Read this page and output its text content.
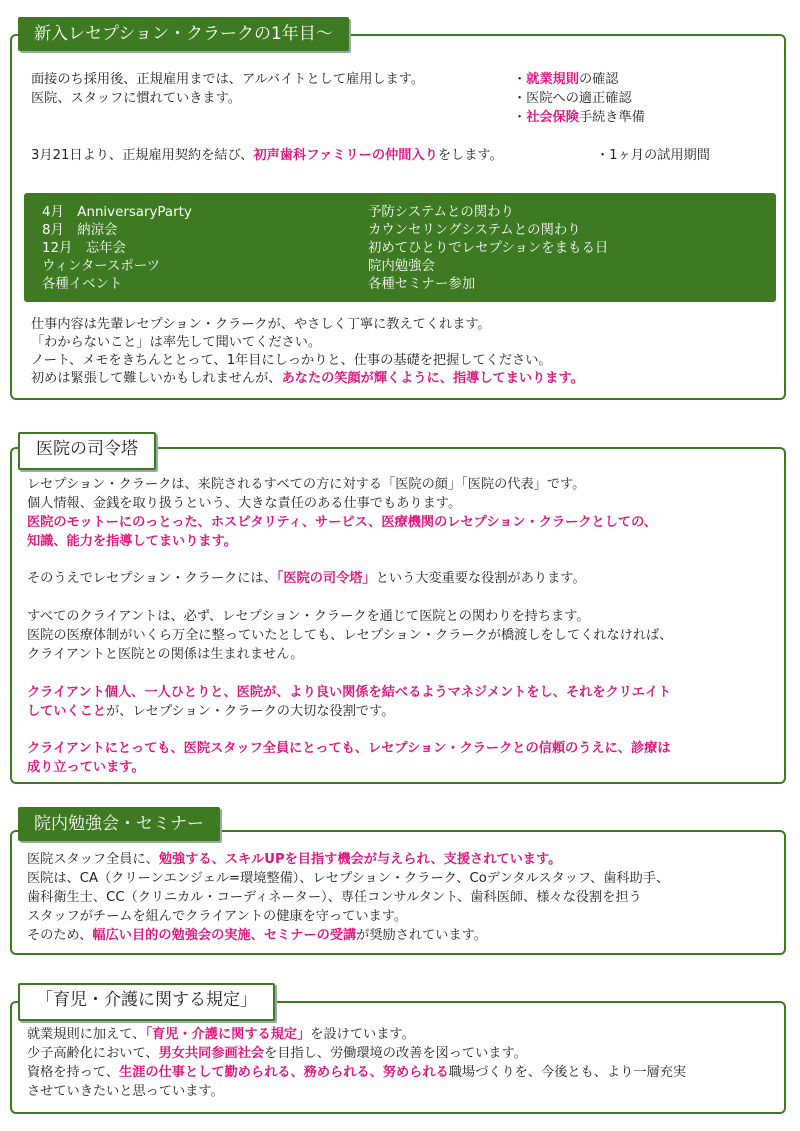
新入レセプション・クラークの1年目〜
面接のち採用後、正規雇用までは、アルバイトとして雇用します。
医院、スタッフに慣れていきます。
・就業規則の確認
・医院への適正確認
・社会保険手続き準備
3月21日より、正規雇用契約を結び、初声歯科ファミリーの仲間入りをします。	・1ヶ月の試用期間
4月　AnniversaryParty
8月　納涼会
12月　忘年会
ウィンタースポーツ
各種イベント
予防システムとの関わり
カウンセリングシステムとの関わり
初めてひとりでレセプションをまもる日
院内勉強会
各種セミナー参加
仕事内容は先輩レセプション・クラークが、やさしく丁寧に教えてくれます。
「わからないこと」は率先して聞いてください。
ノート、メモをきちんととって、1年目にしっかりと、仕事の基礎を把握してください。
初めは緊張して難しいかもしれませんが、あなたの笑顔が輝くように、指導してまいります。
医院の司令塔
レセプション・クラークは、来院されるすべての方に対する「医院の顔」「医院の代表」です。
個人情報、金銭を取り扱うという、大きな責任のある仕事でもあります。
医院のモットーにのっとった、ホスピタリティ、サービス、医療機関のレセプション・クラークとしての、
知識、能力を指導してまいります。
そのうえでレセプション・クラークには、「医院の司令塔」という大変重要な役割があります。
すべてのクライアントは、必ず、レセプション・クラークを通じて医院との関わりを持ちます。
医院の医療体制がいくら万全に整っていたとしても、レセプション・クラークが橋渡しをしてくれなければ、
クライアントと医院との関係は生まれません。
クライアント個人、一人ひとりと、医院が、より良い関係を結べるようマネジメントをし、それをクリエイト
していくことが、レセプション・クラークの大切な役割です。
クライアントにとっても、医院スタッフ全員にとっても、レセプション・クラークとの信頼のうえに、診療は
成り立っています。
院内勉強会・セミナー
医院スタッフ全員に、勉強する、スキルUPを目指す機会が与えられ、支援されています。
医院は、CA（クリーンエンジェル=環境整備）、レセプション・クラーク、Coデンタルスタッフ、歯科助手、
歯科衛生士、CC（クリニカル・コーディネーター）、専任コンサルタント、歯科医師、様々な役割を担う
スタッフがチームを組んでクライアントの健康を守っています。
そのため、幅広い目的の勉強会の実施、セミナーの受講が奨励されています。
「育児・介護に関する規定」
就業規則に加えて、「育児・介護に関する規定」を設けています。
少子高齢化において、男女共同参画社会を目指し、労働環境の改善を図っています。
資格を持って、生涯の仕事として勤められる、務められる、努められる職場づくりを、今後とも、より一層充実
させていきたいと思っています。
